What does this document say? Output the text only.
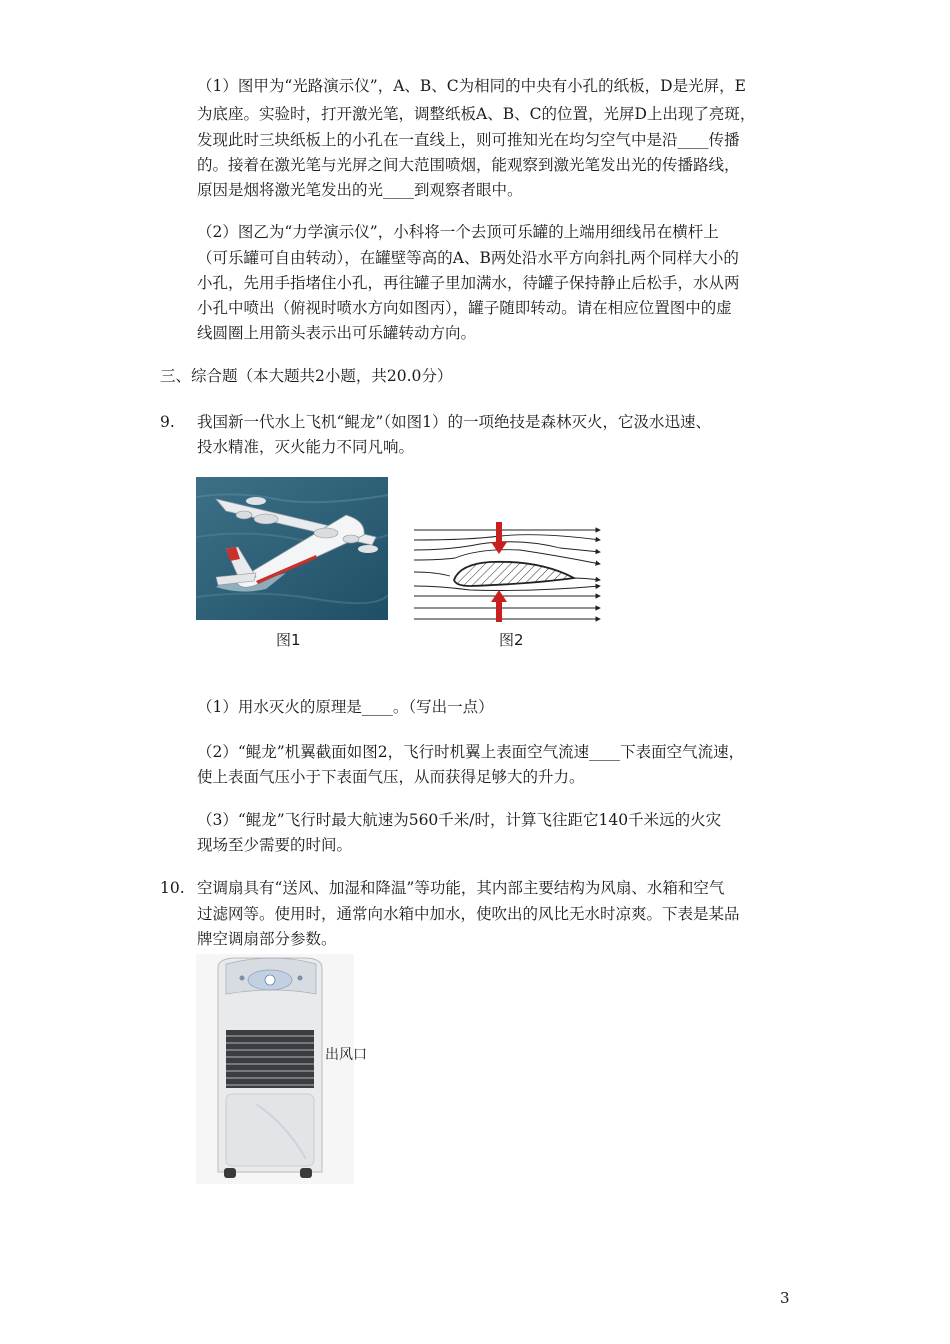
（1）图甲为“光路演示仪”，A、B、C为相同的中央有小孔的纸板，D是光屏，E
为底座。实验时，打开激光笔，调整纸板A、B、C的位置，光屏D上出现了亮斑，
发现此时三块纸板上的小孔在一直线上，则可推知光在均匀空气中是沿____传播
的。接着在激光笔与光屏之间大范围喷烟，能观察到激光笔发出光的传播路线，
原因是烟将激光笔发出的光____到观察者眼中。
（2）图乙为“力学演示仪”，小科将一个去顶可乐罐的上端用细线吊在横杆上
（可乐罐可自由转动），在罐壁等高的A、B两处沿水平方向斜扎两个同样大小的
小孔，先用手指堵住小孔，再往罐子里加满水，待罐子保持静止后松手，水从两
小孔中喷出（俯视时喷水方向如图丙），罐子随即转动。请在相应位置图中的虚
线圆圈上用箭头表示出可乐罐转动方向。
三、综合题（本大题共2小题，共20.0分）
9. 我国新一代水上飞机“鲲龙”（如图1）的一项绝技是森林灭火，它汲水迅速、
投水精准，灭火能力不同凡响。
图1	图2
（1）用水灭火的原理是____。（写出一点）
（2）“鲲龙”机翼截面如图2，飞行时机翼上表面空气流速____下表面空气流速，
使上表面气压小于下表面气压，从而获得足够大的升力。
（3）“鲲龙”飞行时最大航速为560千米/时，计算飞往距它140千米远的火灾
现场至少需要的时间。
10. 空调扇具有“送风、加湿和降温”等功能，其内部主要结构为风扇、水箱和空气
过滤网等。使用时，通常向水箱中加水，使吹出的风比无水时凉爽。下表是某品
牌空调扇部分参数。
出风口
3
